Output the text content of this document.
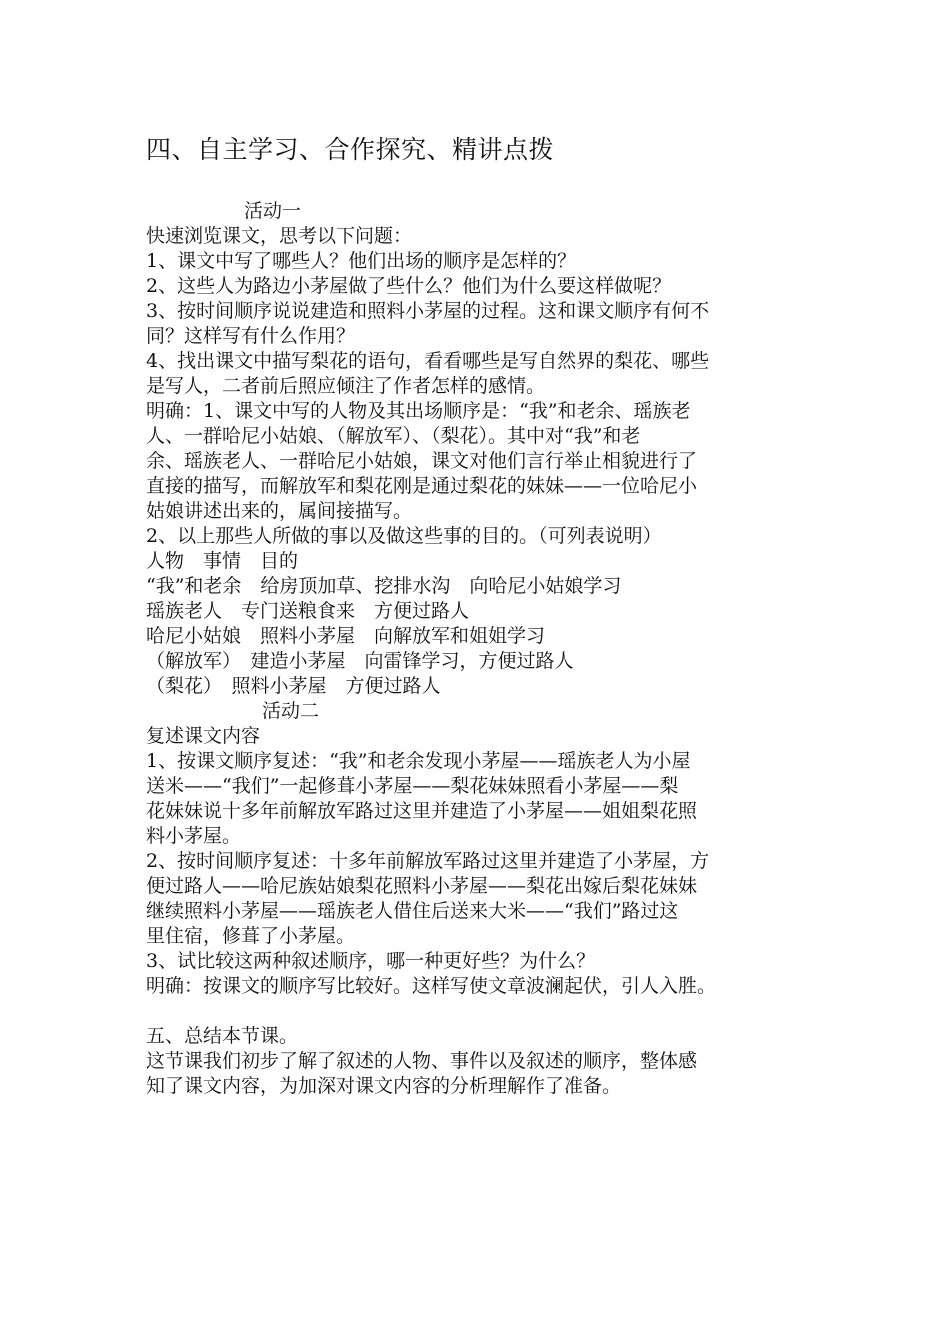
四、自主学习、合作探究、精讲点拨
活动一
快速浏览课文，思考以下问题：
1、课文中写了哪些人？他们出场的顺序是怎样的？
2、这些人为路边小茅屋做了些什么？他们为什么要这样做呢？
3、按时间顺序说说建造和照料小茅屋的过程。这和课文顺序有何不
同？这样写有什么作用？
4、找出课文中描写梨花的语句，看看哪些是写自然界的梨花、哪些
是写人，二者前后照应倾注了作者怎样的感情。
明确：1、课文中写的人物及其出场顺序是：“我”和老余、瑶族老
人、一群哈尼小姑娘、（解放军）、（梨花）。其中对“我”和老
余、瑶族老人、一群哈尼小姑娘，课文对他们言行举止相貌进行了
直接的描写，而解放军和梨花刚是通过梨花的妹妹——一位哈尼小
姑娘讲述出来的，属间接描写。
2、以上那些人所做的事以及做这些事的目的。（可列表说明）
人物　事情　目的
“我”和老余　给房顶加草、挖排水沟　向哈尼小姑娘学习
瑶族老人　专门送粮食来　方便过路人
哈尼小姑娘　照料小茅屋　向解放军和姐姐学习
（解放军）　建造小茅屋　向雷锋学习，方便过路人
（梨花）　照料小茅屋　方便过路人
活动二
复述课文内容
1、按课文顺序复述：“我”和老余发现小茅屋——瑶族老人为小屋
送米——“我们”一起修葺小茅屋——梨花妹妹照看小茅屋——梨
花妹妹说十多年前解放军路过这里并建造了小茅屋——姐姐梨花照
料小茅屋。
2、按时间顺序复述：十多年前解放军路过这里并建造了小茅屋，方
便过路人——哈尼族姑娘梨花照料小茅屋——梨花出嫁后梨花妹妹
继续照料小茅屋——瑶族老人借住后送来大米——“我们”路过这
里住宿，修葺了小茅屋。
3、试比较这两种叙述顺序，哪一种更好些？为什么？
明确：按课文的顺序写比较好。这样写使文章波澜起伏，引人入胜。
五、总结本节课。
这节课我们初步了解了叙述的人物、事件以及叙述的顺序，整体感
知了课文内容，为加深对课文内容的分析理解作了准备。
